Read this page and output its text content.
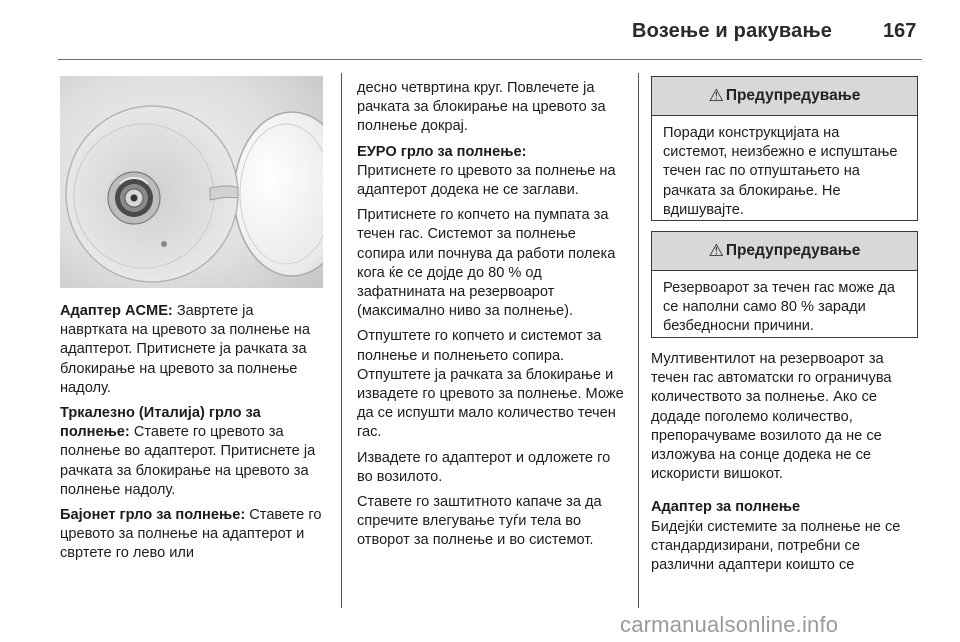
Возење и ракување	167

Адаптер ACME: Завртете ја навртката на цревото за полнење на адаптерот. Притиснете ја рачката за блокирање на цревото за полнење надолу.

Тркалезно (Италија) грло за полнење: Ставете го цревото за полнење во адаптерот. Притиснете ја рачката за блокирање на цревото за полнење надолу.

Бајонет грло за полнење: Ставете го цревото за полнење на адаптерот и свртете го лево или

десно четвртина круг. Повлечете ја рачката за блокирање на цревото за полнење докрај.

ЕУРО грло за полнење:

Притиснете го цревото за полнење на адаптерот додека не се заглави.

Притиснете го копчето на пумпата за течен гас. Системот за полнење сопира или почнува да работи полека кога ќе се дојде до 80 % од зафатнината на резервоарот (максимално ниво за полнење).

Отпуштете го копчето и системот за полнење и полнењето сопира. Отпуштете ја рачката за блокирање и извадете го цревото за полнење. Може да се испушти мало количество течен гас.

Извадете го адаптерот и одложете го во возилото.

Ставете го заштитното капаче за да спречите влегување туѓи тела во отворот за полнење и во системот.

⚠ Предупредување
Поради конструкцијата на системот, неизбежно е испуштање течен гас по отпуштањето на рачката за блокирање. Не вдишувајте.
⚠ Предупредување
Резервоарот за течен гас може да се наполни само 80 % заради безбедносни причини.

Мултивентилот на резервоарот за течен гас автоматски го ограничува количеството за полнење. Ако се додаде поголемо количество, препорачуваме возилото да не се изложува на сонце додека не се искористи вишокот.

Адаптер за полнење

Бидејќи системите за полнење не се стандардизирани, потребни се различни адаптери коишто се

carmanualsonline.info
